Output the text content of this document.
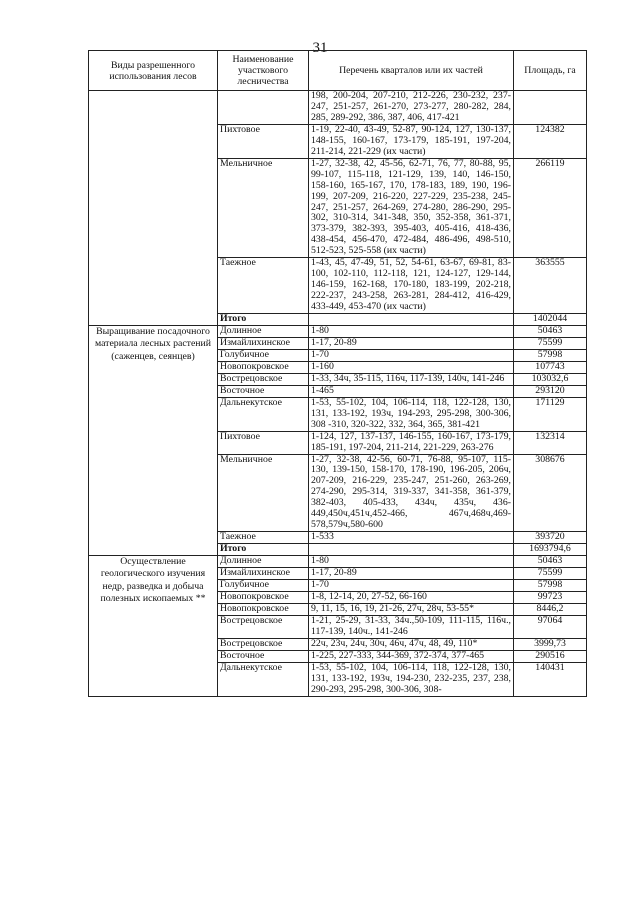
31
Виды разрешенного использования лесов	Наименование участкового лесничества	Перечень кварталов или их частей	Площадь, га
		198, 200-204, 207-210, 212-226, 230-232, 237-247, 251-257, 261-270, 273-277, 280-282, 284, 285, 289-292, 386, 387, 406, 417-421	
	Пихтовое	1-19, 22-40, 43-49, 52-87, 90-124, 127, 130-137, 148-155, 160-167, 173-179, 185-191, 197-204, 211-214, 221-229 (их части)	124382
	Мельничное	1-27, 32-38, 42, 45-56, 62-71, 76, 77, 80-88, 95, 99-107, 115-118, 121-129, 139, 140, 146-150, 158-160, 165-167, 170, 178-183, 189, 190, 196-199, 207-209, 216-220, 227-229, 235-238, 245-247, 251-257, 264-269, 274-280, 286-290, 295-302, 310-314, 341-348, 350, 352-358, 361-371, 373-379, 382-393, 395-403, 405-416, 418-436, 438-454, 456-470, 472-484, 486-496, 498-510, 512-523, 525-558 (их части)	266119
	Таежное	1-43, 45, 47-49, 51, 52, 54-61, 63-67, 69-81, 83-100, 102-110, 112-118, 121, 124-127, 129-144, 146-159, 162-168, 170-180, 183-199, 202-218, 222-237, 243-258, 263-281, 284-412, 416-429, 433-449, 453-470 (их части)	363555
	Итого		1402044
Выращивание посадочного материала лесных растений (саженцев, сеянцев)	Долинное	1-80	50463
	Измайлихинское	1-17, 20-89	75599
	Голубичное	1-70	57998
	Новопокровское	1-160	107743
	Вострецовское	1-33, 34ч, 35-115, 116ч, 117-139, 140ч, 141-246	103032,6
	Восточное	1-465	293120
	Дальнекутское	1-53, 55-102, 104, 106-114, 118, 122-128, 130, 131, 133-192, 193ч, 194-293, 295-298, 300-306, 308 -310, 320-322, 332, 364, 365, 381-421	171129
	Пихтовое	1-124, 127, 137-137, 146-155, 160-167, 173-179, 185-191, 197-204, 211-214, 221-229, 263-276	132314
	Мельничное	1-27, 32-38, 42-56, 60-71, 76-88, 95-107, 115-130, 139-150, 158-170, 178-190, 196-205, 206ч, 207-209, 216-229, 235-247, 251-260, 263-269, 274-290, 295-314, 319-337, 341-358, 361-379, 382-403, 405-433, 434ч, 435ч, 436-449,450ч,451ч,452-466, 467ч,468ч,469-578,579ч,580-600	308676
	Таежное	1-533	393720
	Итого		1693794,6
Осуществление геологического изучения недр, разведка и добыча полезных ископаемых **	Долинное	1-80	50463
	Измайлихинское	1-17, 20-89	75599
	Голубичное	1-70	57998
	Новопокровское	1-8, 12-14, 20, 27-52, 66-160	99723
	Новопокровское	9, 11, 15, 16, 19, 21-26, 27ч, 28ч, 53-55*	8446,2
	Вострецовское	1-21, 25-29, 31-33, 34ч.,50-109, 111-115, 116ч., 117-139, 140ч., 141-246	97064
	Вострецовское	22ч, 23ч, 24ч, 30ч, 46ч, 47ч, 48, 49, 110*	3999,73
	Восточное	1-225, 227-333, 344-369, 372-374, 377-465	290516
	Дальнекутское	1-53, 55-102, 104, 106-114, 118, 122-128, 130, 131, 133-192, 193ч, 194-230, 232-235, 237, 238, 290-293, 295-298, 300-306, 308-	140431
